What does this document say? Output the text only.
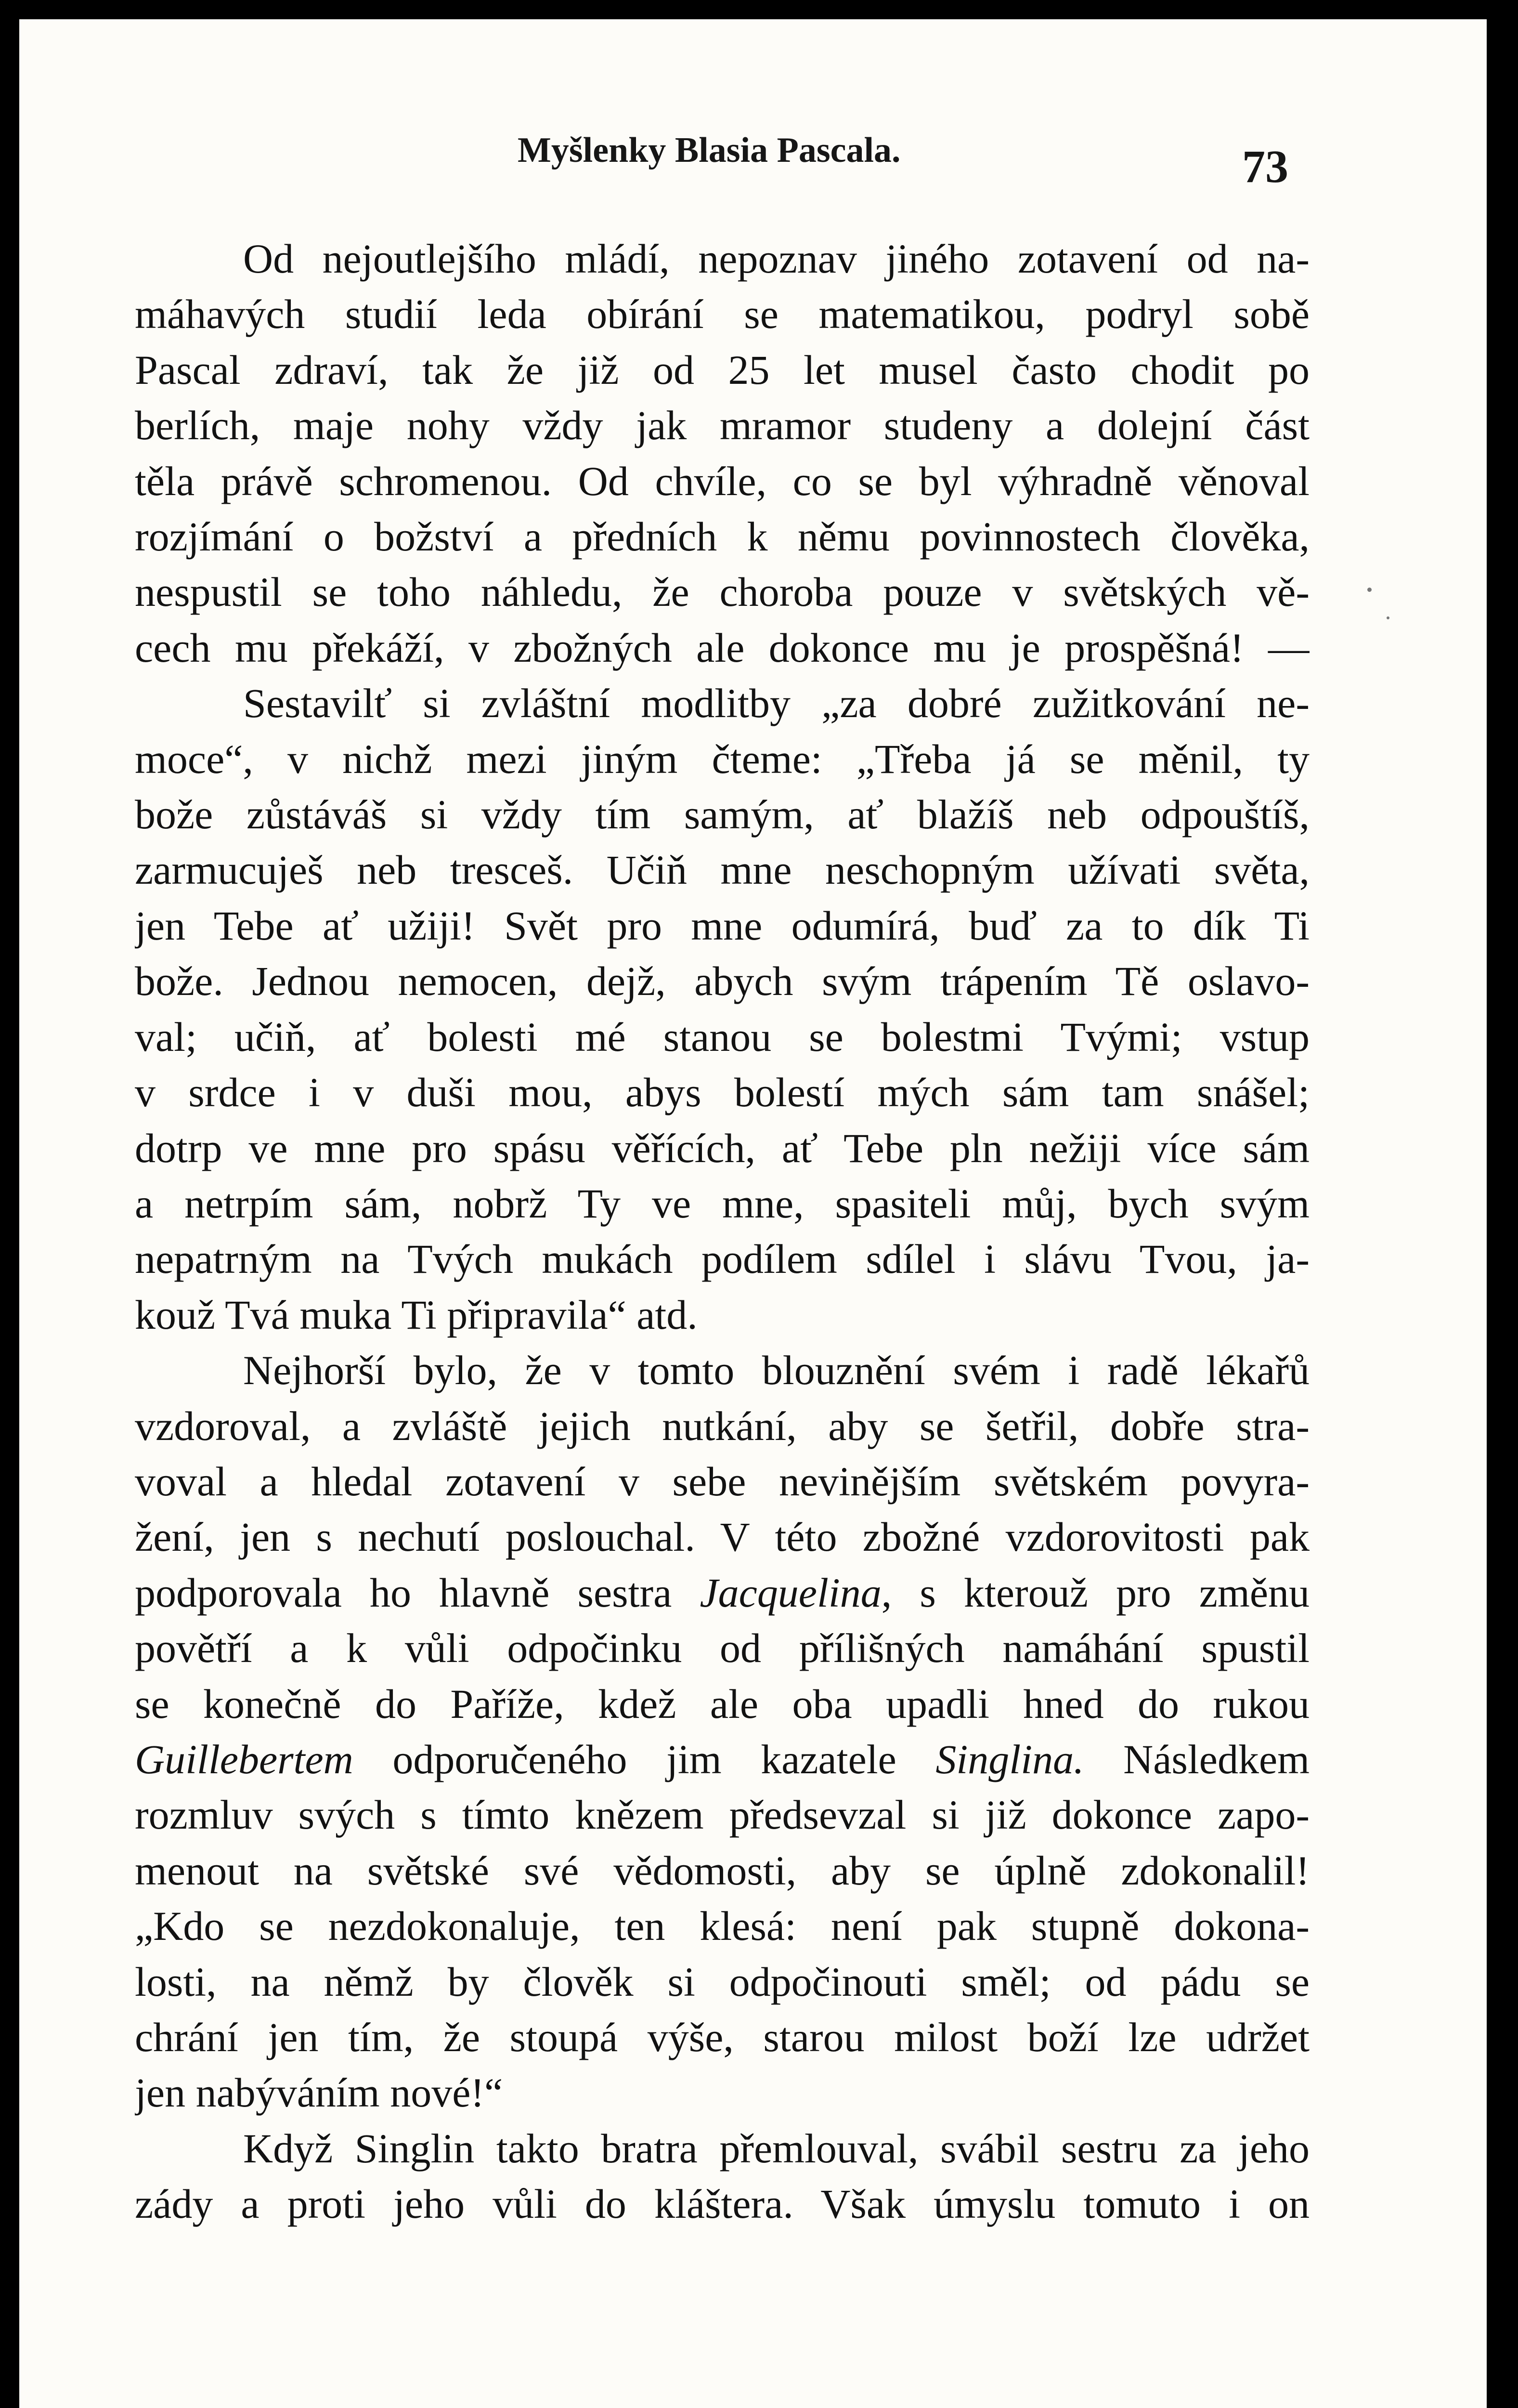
Myšlenky Blasia Pascala.	73
Od nejoutlejšího mládí, nepoznav jiného zotavení od na-
máhavých studií leda obírání se matematikou, podryl sobě
Pascal zdraví, tak že již od 25 let musel často chodit po
berlích, maje nohy vždy jak mramor studeny a dolejní část
těla právě schromenou. Od chvíle, co se byl výhradně věnoval
rozjímání o božství a předních k němu povinnostech člověka,
nespustil se toho náhledu, že choroba pouze v světských vě-
cech mu překáží, v zbožných ale dokonce mu je prospěšná! —
Sestavilť si zvláštní modlitby „za dobré zužitkování ne-
moce“, v nichž mezi jiným čteme: „Třeba já se měnil, ty
bože zůstáváš si vždy tím samým, ať blažíš neb odpouštíš,
zarmucuješ neb tresceš. Učiň mne neschopným užívati světa,
jen Tebe ať užiji! Svět pro mne odumírá, buď za to dík Ti
bože. Jednou nemocen, dejž, abych svým trápením Tě oslavo-
val; učiň, ať bolesti mé stanou se bolestmi Tvými; vstup
v srdce i v duši mou, abys bolestí mých sám tam snášel;
dotrp ve mne pro spásu věřících, ať Tebe pln nežiji více sám
a netrpím sám, nobrž Ty ve mne, spasiteli můj, bych svým
nepatrným na Tvých mukách podílem sdílel i slávu Tvou, ja-
kouž Tvá muka Ti připravila“ atd.
Nejhorší bylo, že v tomto blouznění svém i radě lékařů
vzdoroval, a zvláště jejich nutkání, aby se šetřil, dobře stra-
voval a hledal zotavení v sebe nevinějším světském povyra-
žení, jen s nechutí poslouchal. V této zbožné vzdorovitosti pak
podporovala ho hlavně sestra Jacquelina, s kterouž pro změnu
povětří a k vůli odpočinku od přílišných namáhání spustil
se konečně do Paříže, kdež ale oba upadli hned do rukou
Guillebertem odporučeného jim kazatele Singlina. Následkem
rozmluv svých s tímto knězem předsevzal si již dokonce zapo-
menout na světské své vědomosti, aby se úplně zdokonalil!
„Kdo se nezdokonaluje, ten klesá: není pak stupně dokona-
losti, na němž by člověk si odpočinouti směl; od pádu se
chrání jen tím, že stoupá výše, starou milost boží lze udržet
jen nabýváním nové!“
Když Singlin takto bratra přemlouval, svábil sestru za jeho
zády a proti jeho vůli do kláštera. Však úmyslu tomuto i on
